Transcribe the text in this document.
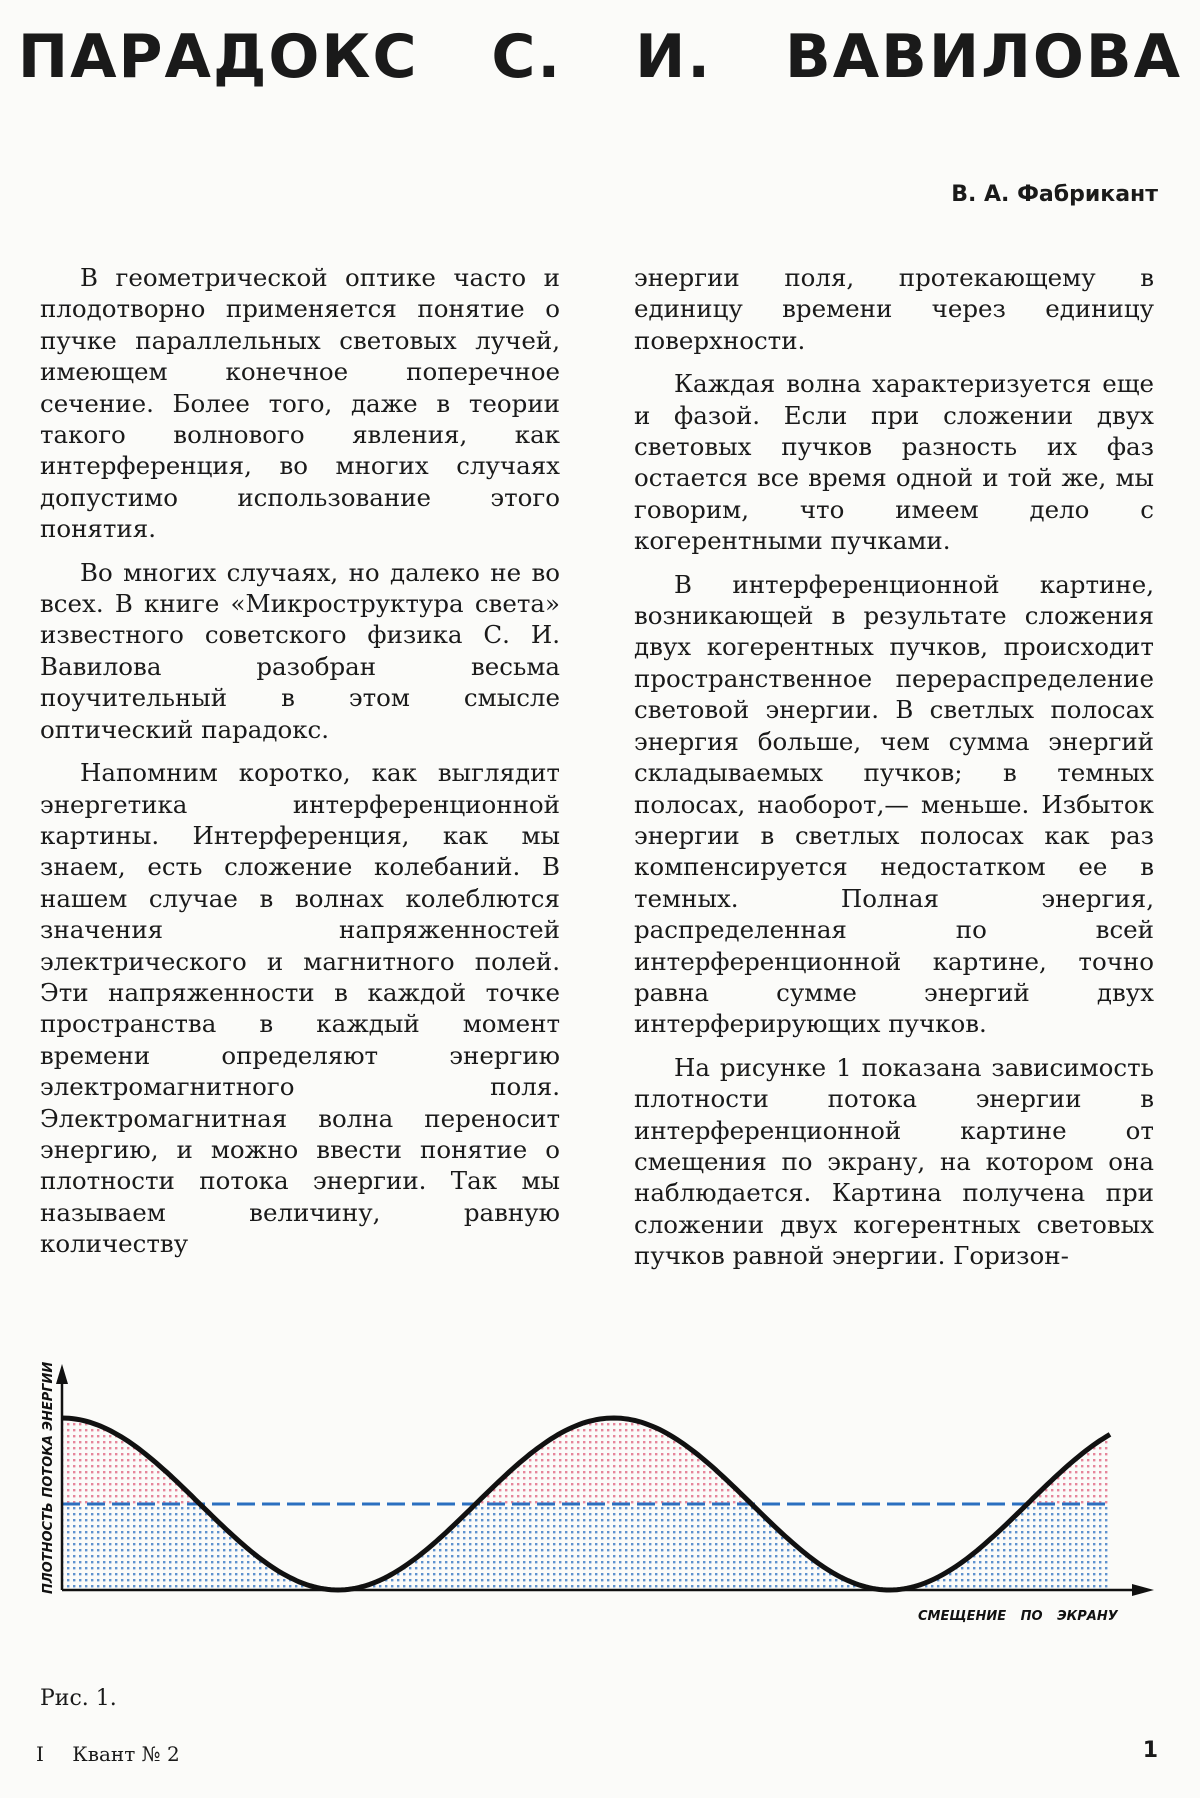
ПАРАДОКС С. И. ВАВИЛОВА
В. А. Фабрикант

В геометрической оптике часто и плодотворно применяется понятие о пучке параллельных световых лучей, имеющем конечное поперечное сечение. Более того, даже в теории такого волнового явления, как интерференция, во многих случаях допустимо использование этого понятия.

Во многих случаях, но далеко не во всех. В книге «Микроструктура света» известного советского физика С. И. Вавилова разобран весьма поучительный в этом смысле оптический парадокс.

Напомним коротко, как выглядит энергетика интерференционной картины. Интерференция, как мы знаем, есть сложение колебаний. В нашем случае в волнах колеблются значения напряженностей электрического и магнитного полей. Эти напряженности в каждой точке пространства в каждый момент времени определяют энергию электромагнитного поля. Электромагнитная волна переносит энергию, и можно ввести понятие о плотности потока энергии. Так мы называем величину, равную количеству

энергии поля, протекающему в единицу времени через единицу поверхности.

Каждая волна характеризуется еще и фазой. Если при сложении двух световых пучков разность их фаз остается все время одной и той же, мы говорим, что имеем дело с когерентными пучками.

В интерференционной картине, возникающей в результате сложения двух когерентных пучков, происходит пространственное перераспределение световой энергии. В светлых полосах энергия больше, чем сумма энергий складываемых пучков; в темных полосах, наоборот,— меньше. Избыток энергии в светлых полосах как раз компенсируется недостатком ее в темных. Полная энергия, распределенная по всей интерференционной картине, точно равна сумме энергий двух интерферирующих пучков.

На рисунке 1 показана зависимость плотности потока энергии в интерференционной картине от смещения по экрану, на котором она наблюдается. Картина получена при сложении двух когерентных световых пучков равной энергии. Горизон-

ПЛОТНОСТЬ ПОТОКА ЭНЕРГИИ
СМЕЩЕНИЕ ПО ЭКРАНУ
Рис. 1.
I Квант № 2	1
